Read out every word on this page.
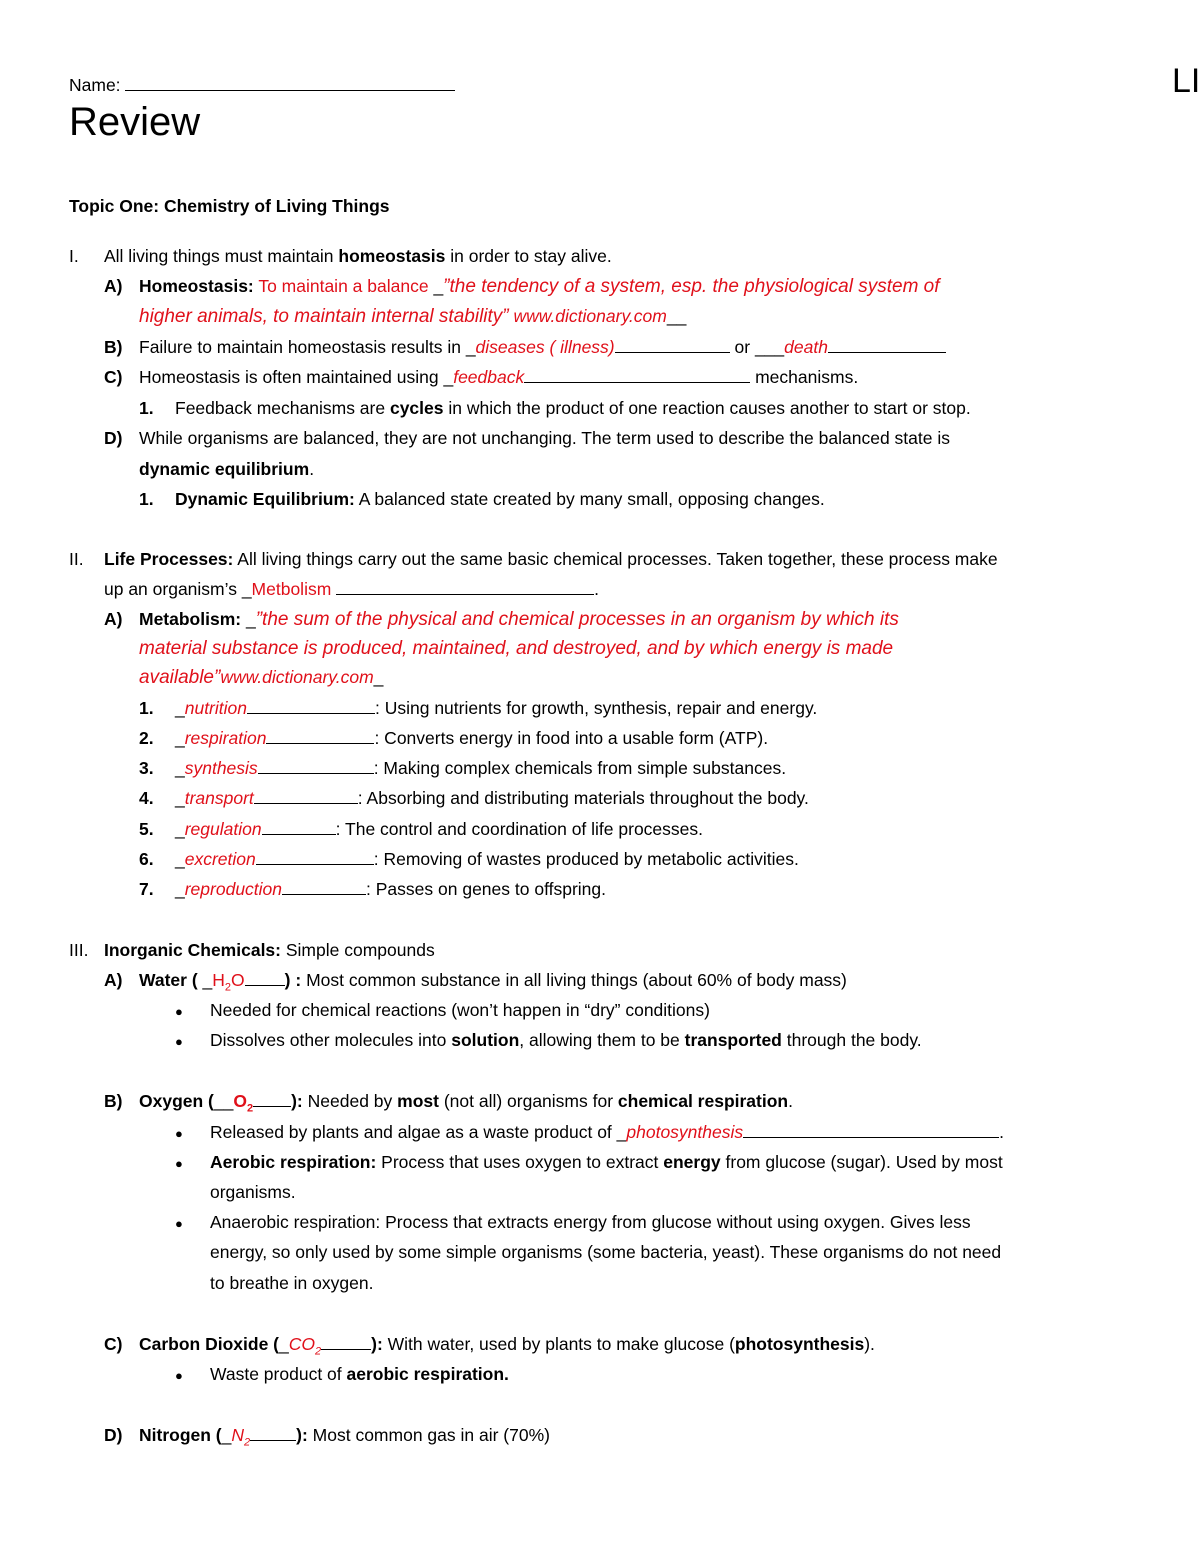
Name:	LI
Review
Topic One: Chemistry of Living Things
I. All living things must maintain homeostasis in order to stay alive.
A) Homeostasis: To maintain a balance _”the tendency of a system, esp. the physiological system of
higher animals, to maintain internal stability” www.dictionary.com__
B) Failure to maintain homeostasis results in _diseases ( illness)	or ___death
C) Homeostasis is often maintained using _feedback	mechanisms.
1. Feedback mechanisms are cycles in which the product of one reaction causes another to start or stop.
D) While organisms are balanced, they are not unchanging. The term used to describe the balanced state is
dynamic equilibrium.
1. Dynamic Equilibrium: A balanced state created by many small, opposing changes.
II. Life Processes: All living things carry out the same basic chemical processes. Taken together, these process make
up an organism’s _Metbolism	.
A) Metabolism: _”the sum of the physical and chemical processes in an organism by which its
material substance is produced, maintained, and destroyed, and by which energy is made
available”www.dictionary.com_
1. _nutrition	: Using nutrients for growth, synthesis, repair and energy.
2. _respiration	: Converts energy in food into a usable form (ATP).
3. _synthesis	: Making complex chemicals from simple substances.
4. _transport	: Absorbing and distributing materials throughout the body.
5. _regulation	: The control and coordination of life processes.
6. _excretion	: Removing of wastes produced by metabolic activities.
7. _reproduction	: Passes on genes to offspring.
III. Inorganic Chemicals: Simple compounds
A) Water ( $\_H_2O$ ) : Most common substance in all living things (about 60% of body mass)
● Needed for chemical reactions (won’t happen in “dry” conditions)
● Dissolves other molecules into solution, allowing them to be transported through the body.
B) Oxygen ($\_\_O_2$ ): Needed by most (not all) organisms for chemical respiration.
● Released by plants and algae as a waste product of _photosynthesis	.
● Aerobic respiration: Process that uses oxygen to extract energy from glucose (sugar). Used by most
organisms.
● Anaerobic respiration: Process that extracts energy from glucose without using oxygen. Gives less
energy, so only used by some simple organisms (some bacteria, yeast). These organisms do not need
to breathe in oxygen.
C) Carbon Dioxide ($\_CO_2$	): With water, used by plants to make glucose (photosynthesis).
● Waste product of aerobic respiration.
D) Nitrogen ($\_N_2$	): Most common gas in air (70%)
